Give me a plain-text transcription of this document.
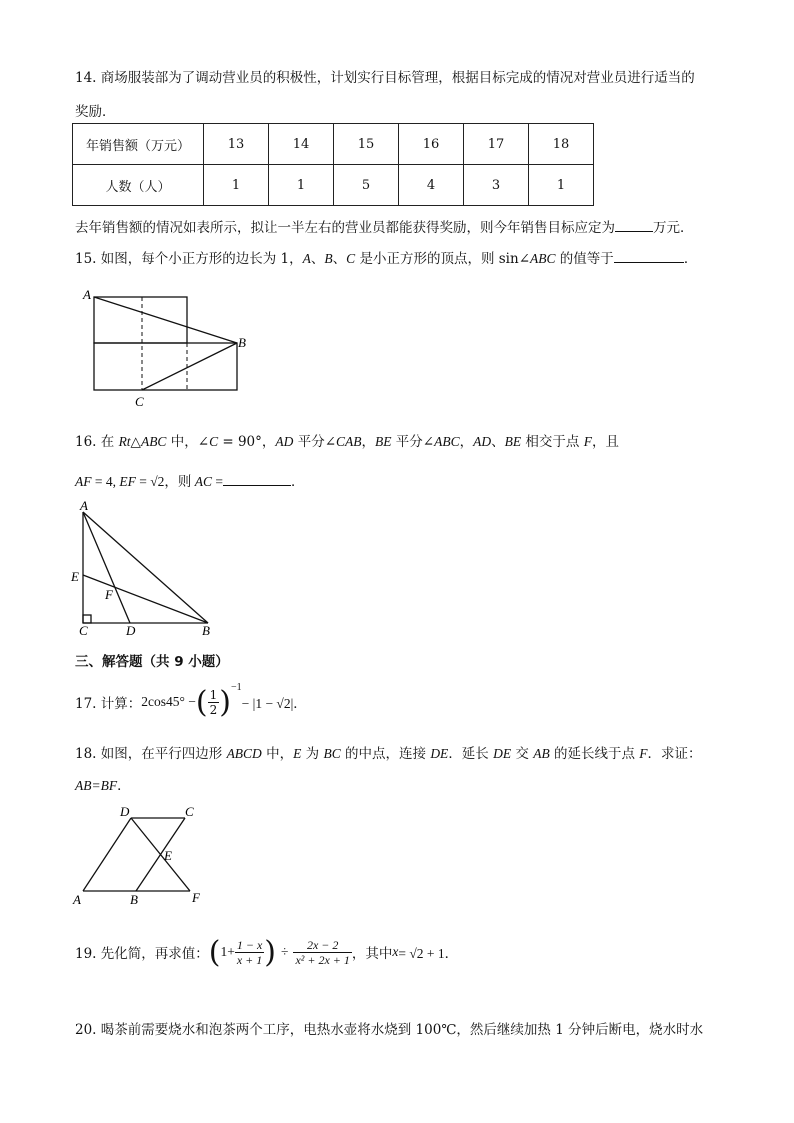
14. 商场服装部为了调动营业员的积极性，计划实行目标管理，根据目标完成的情况对营业员进行适当的
奖励．
年销售额（万元）	13	14	15	16	17	18
人数（人）	1	1	5	4	3	1
去年销售额的情况如表所示，拟让一半左右的营业员都能获得奖励，则今年销售目标应定为	万元．
15. 如图，每个小正方形的边长为 1，A、B、C 是小正方形的顶点，则 sin∠ABC 的值等于	．
A
B
C
16. 在 Rt△ABC 中，∠C = 90°，AD 平分∠CAB，BE 平分∠ABC，AD、BE 相交于点 F，且
AF = 4, EF = √2，则 AC =	．
A
E
F
C	D	B
三、解答题（共 9 小题）
17. 计算： 2cos45° − ( $\frac{1}{2}$ ) −1
− |1 − √2|．
18. 如图，在平行四边形 ABCD 中，E 为 BC 的中点，连接 DE．延长 DE 交 AB 的延长线于点 F．求证：
AB=BF．
D	C
E
A	B	F
19. 先化简，再求值： ( $1+ \frac{1 - x}{x + 1}$ ) ÷ $\frac{2x - 2}{\text{x² + 2x + 1}}$ ，其中 x = √2 + 1．
20. 喝茶前需要烧水和泡茶两个工序，电热水壶将水烧到 100℃，然后继续加热 1 分钟后断电，烧水时水
